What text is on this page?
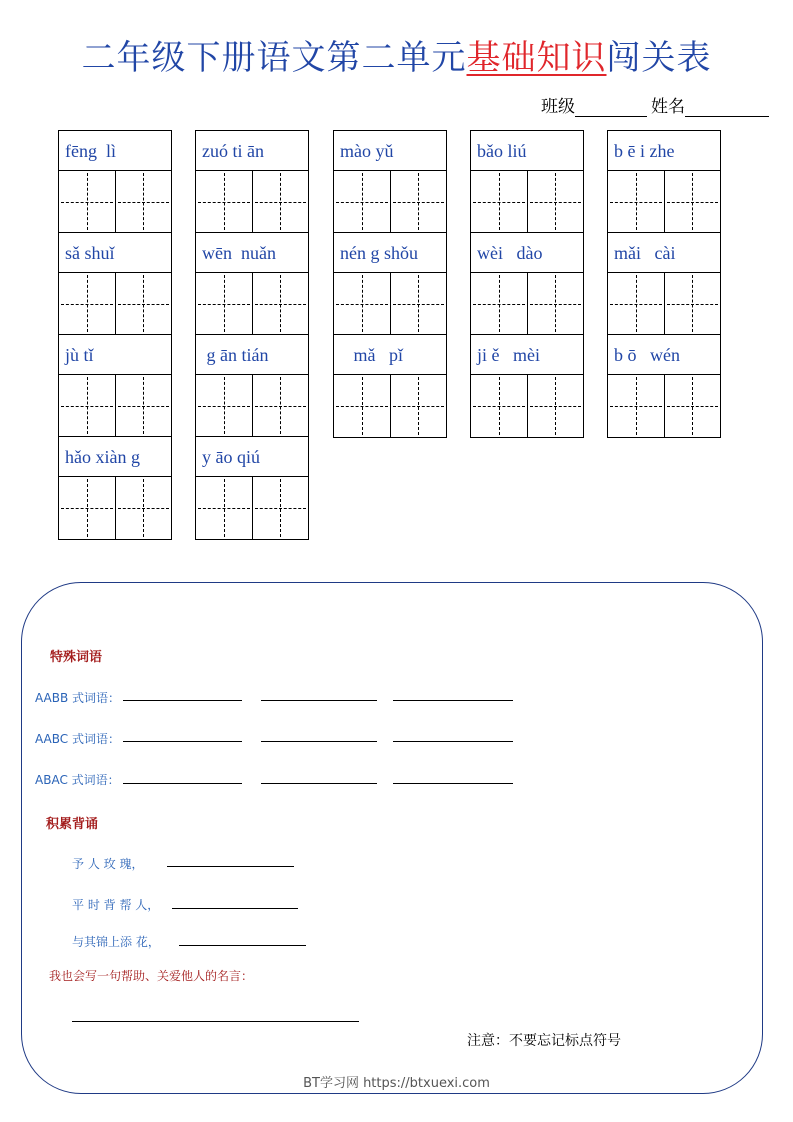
二年级下册语文第二单元基础知识闯关表
班级	姓名
fēng  lì
sǎ shuǐ
jù tǐ
hǎo xiàn g
zuó ti ān
wēn  nuǎn
g ān tián
y āo qiú
mào yǔ
nén g shǒu
mǎ   pǐ
bǎo liú
wèi   dào
ji ě   mèi
b ē i zhe
mǎi   cài
b ō   wén
特殊词语
AABB 式词语：
AABC 式词语：
ABAC 式词语：
积累背诵
予 人 玫 瑰，
平 时 背 帮 人，
与其锦上添 花，
我也会写一句帮助、关爱他人的名言：
注意：不要忘记标点符号
BT学习网 https://btxuexi.com
